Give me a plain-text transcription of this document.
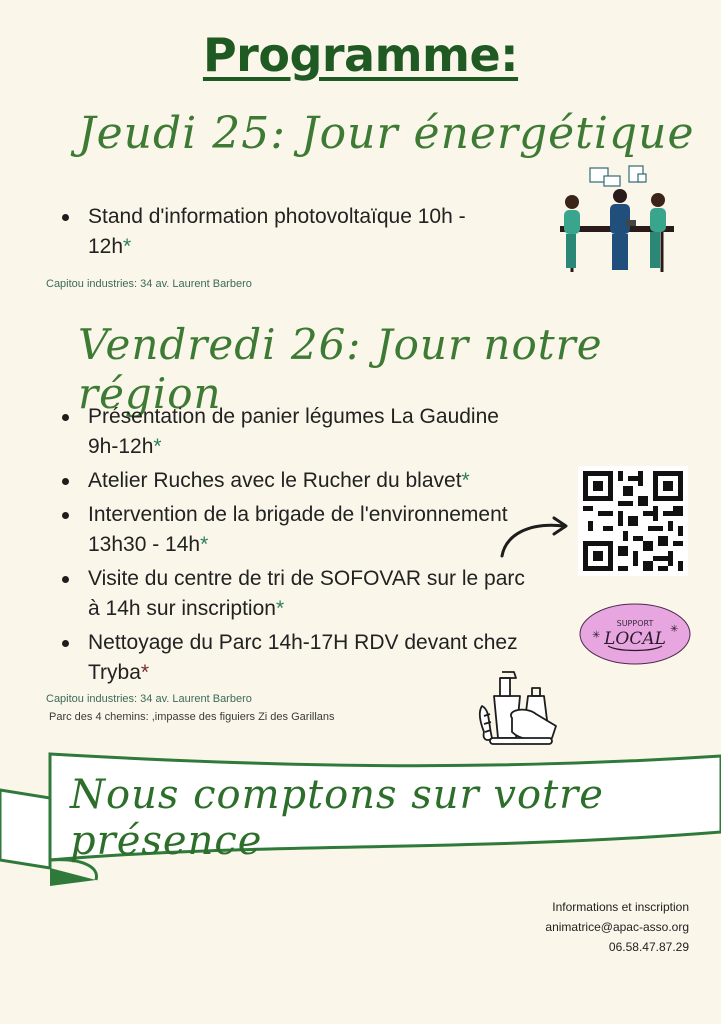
Programme:
Jeudi 25: Jour énergétique
Stand d'information photovoltaïque 10h - 12h*
Capitou industries: 34 av. Laurent Barbero
Vendredi 26: Jour notre région
Présentation de panier légumes La Gaudine 9h-12h*
Atelier Ruches avec le Rucher du blavet*
Intervention de la brigade de l'environnement 13h30 - 14h*
Visite du centre de tri de SOFOVAR sur le parc à 14h sur inscription*
Nettoyage du Parc 14h-17H RDV devant chez Tryba*
SUPPORT
LOCAL
✳
✳
Capitou industries: 34 av. Laurent Barbero
Parc des 4 chemins: ,impasse des figuiers Zi des Garillans
Nous comptons sur votre présence
Informations et inscription
animatrice@apac-asso.org
06.58.47.87.29
